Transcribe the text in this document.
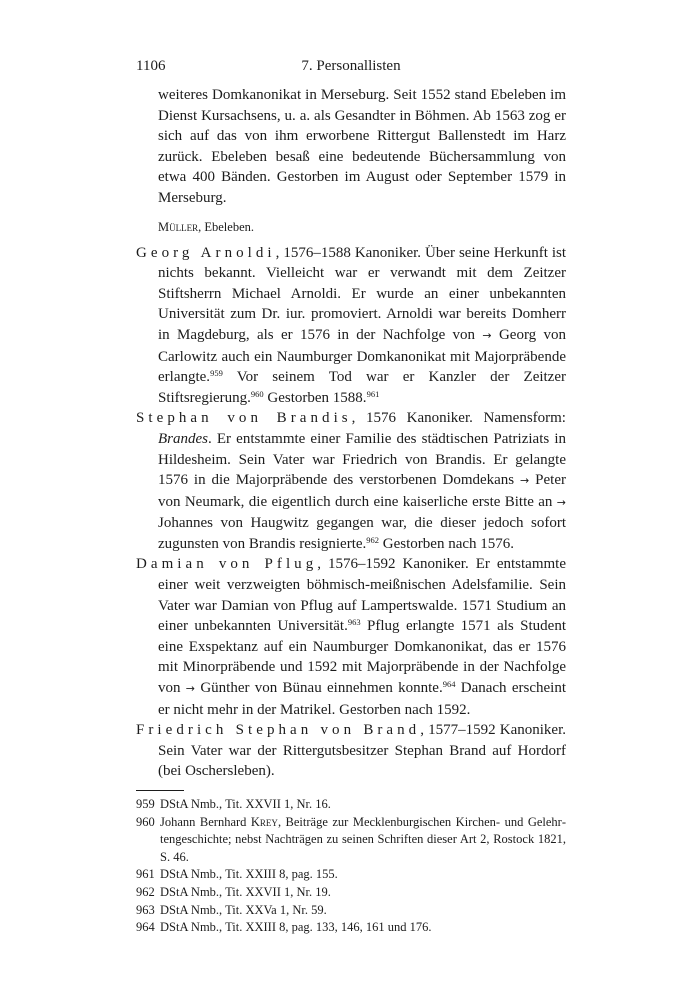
1106	7. Personallisten

weiteres Domkanonikat in Merseburg. Seit 1552 stand Ebeleben im Dienst Kursachsens, u. a. als Gesandter in Böhmen. Ab 1563 zog er sich auf das von ihm erworbene Rittergut Ballenstedt im Harz zurück. Ebeleben besaß eine bedeutende Büchersammlung von etwa 400 Bänden. Gestorben im August oder September 1579 in Merseburg.

Müller, Ebeleben.

Georg Arnoldi, 1576–1588 Kanoniker. Über seine Herkunft ist nichts bekannt. Vielleicht war er verwandt mit dem Zeitzer Stiftsherrn Michael Arnoldi. Er wurde an einer unbekannten Universität zum Dr. iur. promoviert. Arnoldi war bereits Domherr in Magdeburg, als er 1576 in der Nachfolge von → Georg von Carlowitz auch ein Naumburger Domkanonikat mit Majorpräbende erlangte.$^{959}$ Vor seinem Tod war er Kanzler der Zeitzer Stiftsregierung.$^{960}$ Gestorben 1588.$^{961}$

Stephan von Brandis, 1576 Kanoniker. Namensform: Brandes. Er entstammte einer Familie des städtischen Patriziats in Hildesheim. Sein Vater war Friedrich von Brandis. Er gelangte 1576 in die Majorpräbende des verstorbenen Domdekans → Peter von Neumark, die eigentlich durch eine kaiserliche erste Bitte an → Johannes von Haugwitz gegangen war, die dieser jedoch sofort zugunsten von Brandis resignierte.$^{962}$ Gestorben nach 1576.

Damian von Pflug, 1576–1592 Kanoniker. Er entstammte einer weit verzweigten böhmisch-meißnischen Adelsfamilie. Sein Vater war Damian von Pflug auf Lampertswalde. 1571 Studium an einer unbekannten Universität.$^{963}$ Pflug erlangte 1571 als Student eine Exspektanz auf ein Naumburger Domkanonikat, das er 1576 mit Minorpräbende und 1592 mit Majorpräbende in der Nachfolge von → Günther von Bünau einnehmen konnte.$^{964}$ Danach erscheint er nicht mehr in der Matrikel. Gestorben nach 1592.

Friedrich Stephan von Brand, 1577–1592 Kanoniker. Sein Vater war der Rittergutsbesitzer Stephan Brand auf Hordorf (bei Oschersleben).

959 DStA Nmb., Tit. XXVII 1, Nr. 16.

960 Johann Bernhard Krey, Beiträge zur Mecklenburgischen Kirchen- und Gelehrtengeschichte; nebst Nachträgen zu seinen Schriften dieser Art 2, Rostock 1821, S. 46.

961 DStA Nmb., Tit. XXIII 8, pag. 155.

962 DStA Nmb., Tit. XXVII 1, Nr. 19.

963 DStA Nmb., Tit. XXVa 1, Nr. 59.

964 DStA Nmb., Tit. XXIII 8, pag. 133, 146, 161 und 176.
